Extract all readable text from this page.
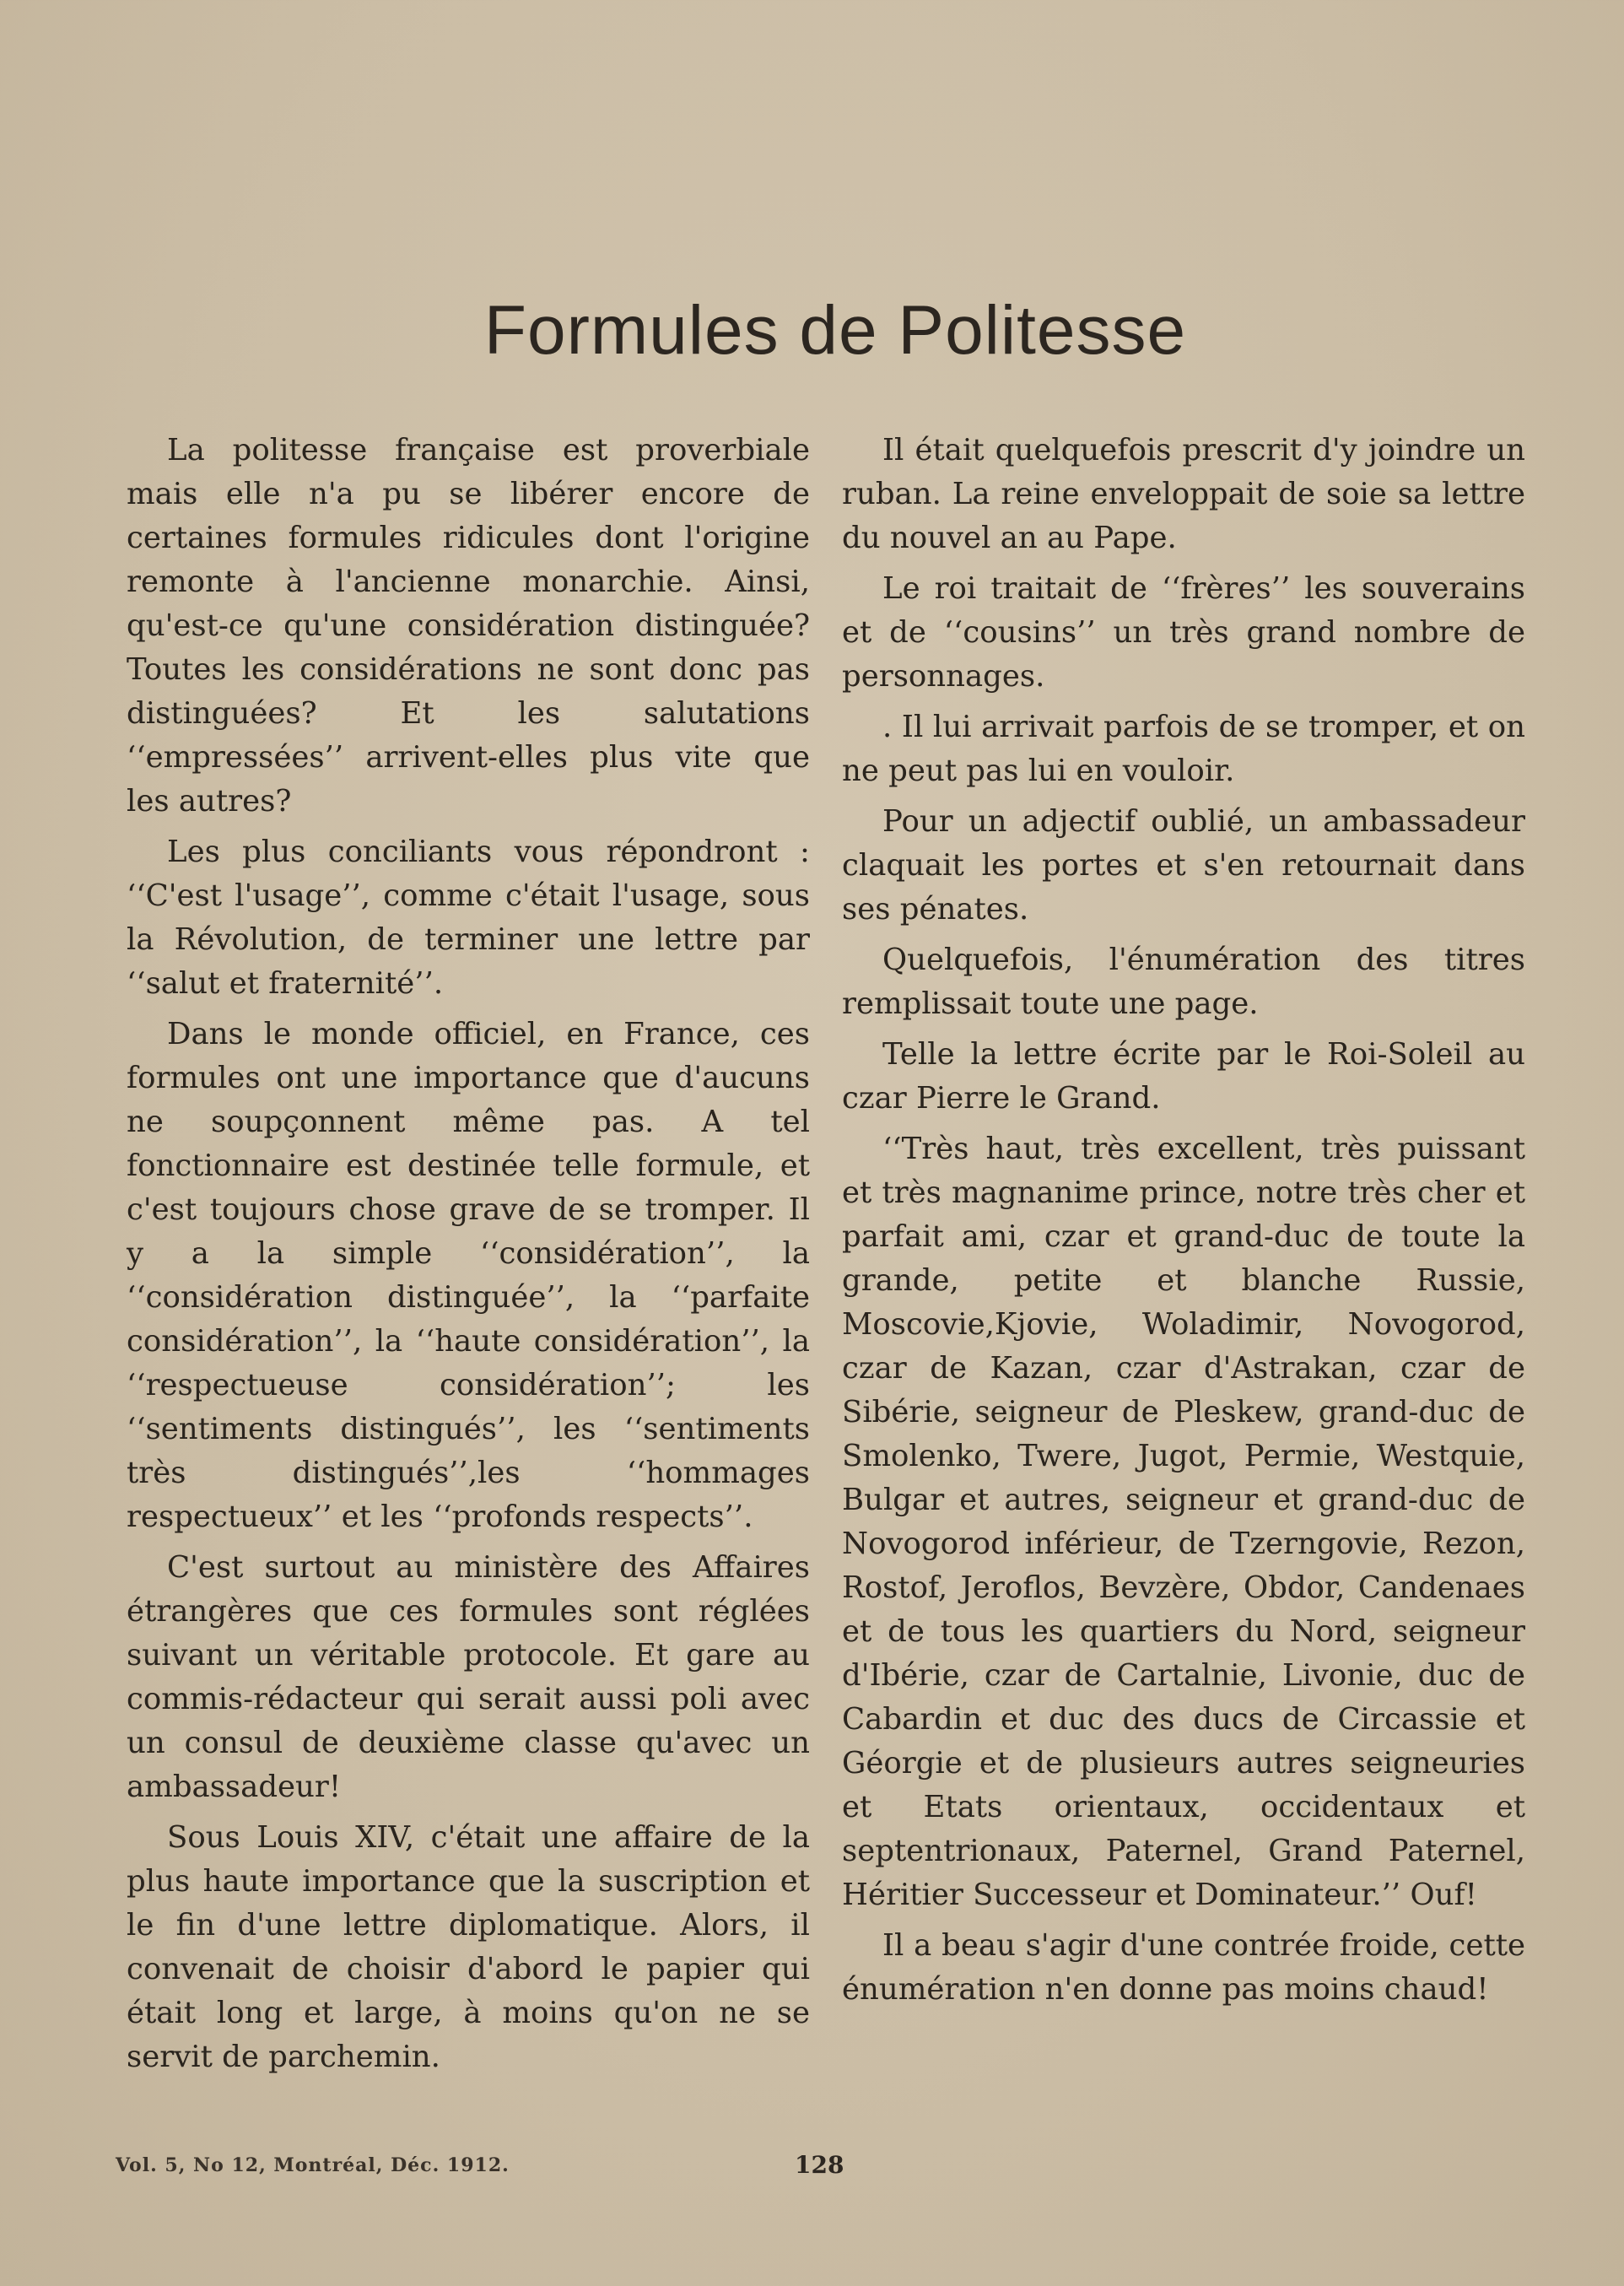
Formules de Politesse

La politesse française est proverbiale mais elle n'a pu se libérer encore de certaines formules ridicules dont l'origine remonte à l'ancienne monarchie. Ainsi, qu'est-ce qu'une considération distinguée? Toutes les considérations ne sont donc pas distinguées? Et les salutations ‘‘empressées’’ arrivent-elles plus vite que les autres?

Les plus conciliants vous répondront : ‘‘C'est l'usage’’, comme c'était l'usage, sous la Révolution, de terminer une lettre par ‘‘salut et fraternité’’.

Dans le monde officiel, en France, ces formules ont une importance que d'aucuns ne soupçonnent même pas. A tel fonctionnaire est destinée telle formule, et c'est toujours chose grave de se tromper. Il y a la simple ‘‘considération’’, la ‘‘considération distinguée’’, la ‘‘parfaite considération’’, la ‘‘haute considération’’, la ‘‘respectueuse considération’’; les ‘‘sentiments distingués’’, les ‘‘sentiments très distingués’’,les ‘‘hommages respectueux’’ et les ‘‘profonds respects’’.

C'est surtout au ministère des Affaires étrangères que ces formules sont réglées suivant un véritable protocole. Et gare au commis-rédacteur qui serait aussi poli avec un consul de deuxième classe qu'avec un ambassadeur!

Sous Louis XIV, c'était une affaire de la plus haute importance que la suscription et le fin d'une lettre diplomatique. Alors, il convenait de choisir d'abord le papier qui était long et large, à moins qu'on ne se servit de parchemin.

Il était quelquefois prescrit d'y joindre un ruban. La reine enveloppait de soie sa lettre du nouvel an au Pape.

Le roi traitait de ‘‘frères’’ les souverains et de ‘‘cousins’’ un très grand nombre de personnages.

. Il lui arrivait parfois de se tromper, et on ne peut pas lui en vouloir.

Pour un adjectif oublié, un ambassadeur claquait les portes et s'en retournait dans ses pénates.

Quelquefois, l'énumération des titres remplissait toute une page.

Telle la lettre écrite par le Roi-Soleil au czar Pierre le Grand.

‘‘Très haut, très excellent, très puissant et très magnanime prince, notre très cher et parfait ami, czar et grand-duc de toute la grande, petite et blanche Russie, Moscovie,Kjovie, Woladimir, Novogorod, czar de Kazan, czar d'Astrakan, czar de Sibérie, seigneur de Pleskew, grand-duc de Smolenko, Twere, Jugot, Permie, Westquie, Bulgar et autres, seigneur et grand-duc de Novogorod inférieur, de Tzerngovie, Rezon, Rostof, Jeroflos, Bevzère, Obdor, Candenaes et de tous les quartiers du Nord, seigneur d'Ibérie, czar de Cartalnie, Livonie, duc de Cabardin et duc des ducs de Circassie et Géorgie et de plusieurs autres seigneuries et Etats orientaux, occidentaux et septentrionaux, Paternel, Grand Paternel, Héritier Successeur et Dominateur.’’ Ouf!

Il a beau s'agir d'une contrée froide, cette énumération n'en donne pas moins chaud!

Vol. 5, No 12, Montréal, Déc. 1912.	128
